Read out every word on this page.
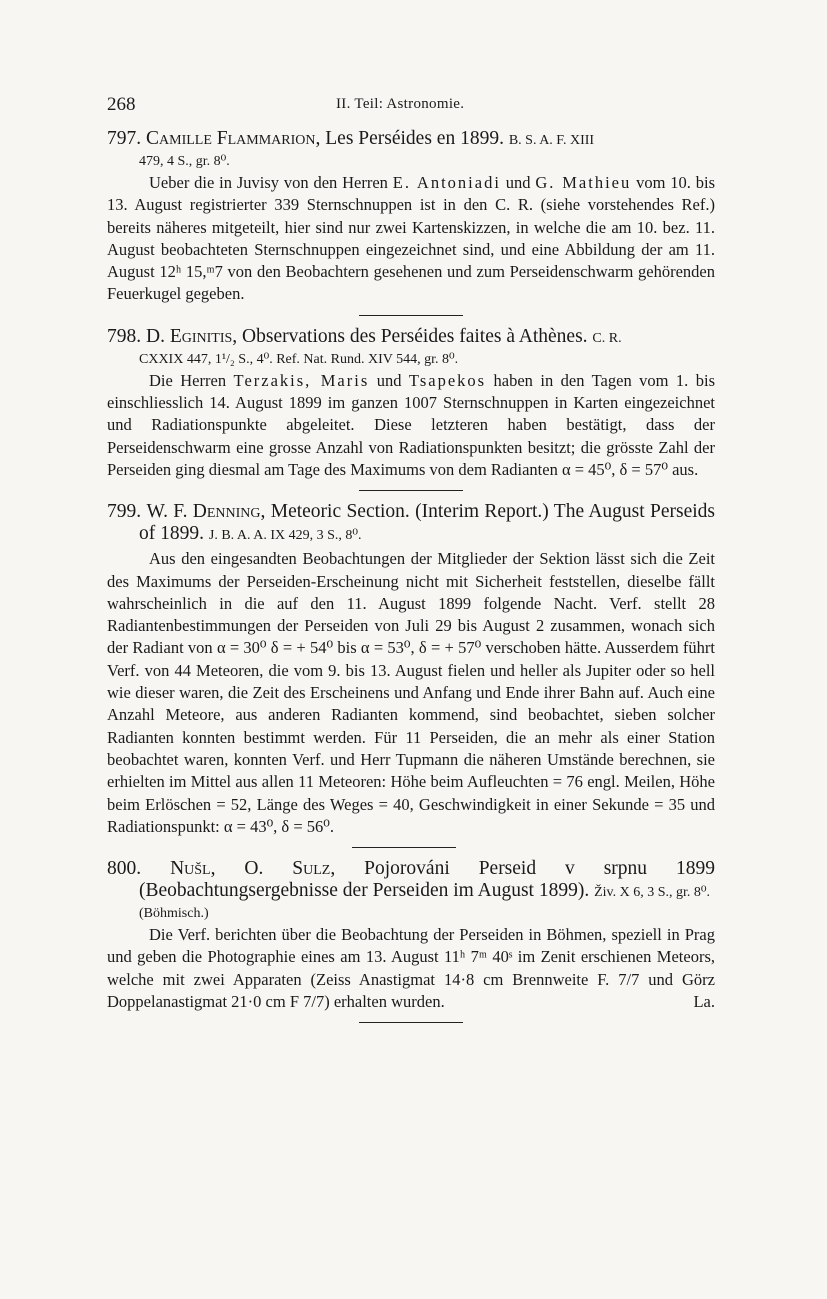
268	II. Teil: Astronomie.
797. Camille Flammarion, Les Perséides en 1899. B. S. A. F. XIII
479, 4 S., gr. 8⁰.
Ueber die in Juvisy von den Herren E. Antoniadi und G. Mathieu vom 10. bis 13. August registrierter 339 Sternschnuppen ist in den C. R. (siehe vorstehendes Ref.) bereits näheres mitgeteilt, hier sind nur zwei Kartenskizzen, in welche die am 10. bez. 11. August beobachteten Sternschnuppen eingezeichnet sind, und eine Abbildung der am 11. August 12ʰ 15,ᵐ7 von den Beobachtern gesehenen und zum Perseidenschwarm gehörenden Feuerkugel gegeben.
798. D. Eginitis, Observations des Perséides faites à Athènes. C. R.
CXXIX 447, 1¹/₂ S., 4⁰. Ref. Nat. Rund. XIV 544, gr. 8⁰.
Die Herren Terzakis, Maris und Tsapekos haben in den Tagen vom 1. bis einschliesslich 14. August 1899 im ganzen 1007 Sternschnuppen in Karten eingezeichnet und Radiationspunkte abgeleitet. Diese letzteren haben bestätigt, dass der Perseidenschwarm eine grosse Anzahl von Radiationspunkten besitzt; die grösste Zahl der Perseiden ging diesmal am Tage des Maximums von dem Radianten α = 45⁰, δ = 57⁰ aus.
799. W. F. Denning, Meteoric Section. (Interim Report.) The August Perseids of 1899. J. B. A. A. IX 429, 3 S., 8⁰.
Aus den eingesandten Beobachtungen der Mitglieder der Sektion lässt sich die Zeit des Maximums der Perseiden-Erscheinung nicht mit Sicherheit feststellen, dieselbe fällt wahrscheinlich in die auf den 11. August 1899 folgende Nacht. Verf. stellt 28 Radiantenbestimmungen der Perseiden von Juli 29 bis August 2 zusammen, wonach sich der Radiant von α = 30⁰ δ = + 54⁰ bis α = 53⁰, δ = + 57⁰ verschoben hätte. Ausserdem führt Verf. von 44 Meteoren, die vom 9. bis 13. August fielen und heller als Jupiter oder so hell wie dieser waren, die Zeit des Erscheinens und Anfang und Ende ihrer Bahn auf. Auch eine Anzahl Meteore, aus anderen Radianten kommend, sind beobachtet, sieben solcher Radianten konnten bestimmt werden. Für 11 Perseiden, die an mehr als einer Station beobachtet waren, konnten Verf. und Herr Tupmann die näheren Umstände berechnen, sie erhielten im Mittel aus allen 11 Meteoren: Höhe beim Aufleuchten = 76 engl. Meilen, Höhe beim Erlöschen = 52, Länge des Weges = 40, Geschwindigkeit in einer Sekunde = 35 und Radiationspunkt: α = 43⁰, δ = 56⁰.
800. Nušl, O. Sulz, Pojorováni Perseid v srpnu 1899 (Beobachtungsergebnisse der Perseiden im August 1899). Živ. X 6, 3 S., gr. 8⁰.
(Böhmisch.)
Die Verf. berichten über die Beobachtung der Perseiden in Böhmen, speziell in Prag und geben die Photographie eines am 13. August 11ʰ 7ᵐ 40ˢ im Zenit erschienen Meteors, welche mit zwei Apparaten (Zeiss Anastigmat 14·8 cm Brennweite F. 7/7 und Görz Doppelanastigmat 21·0 cm F 7/7) erhalten wurden.	La.
